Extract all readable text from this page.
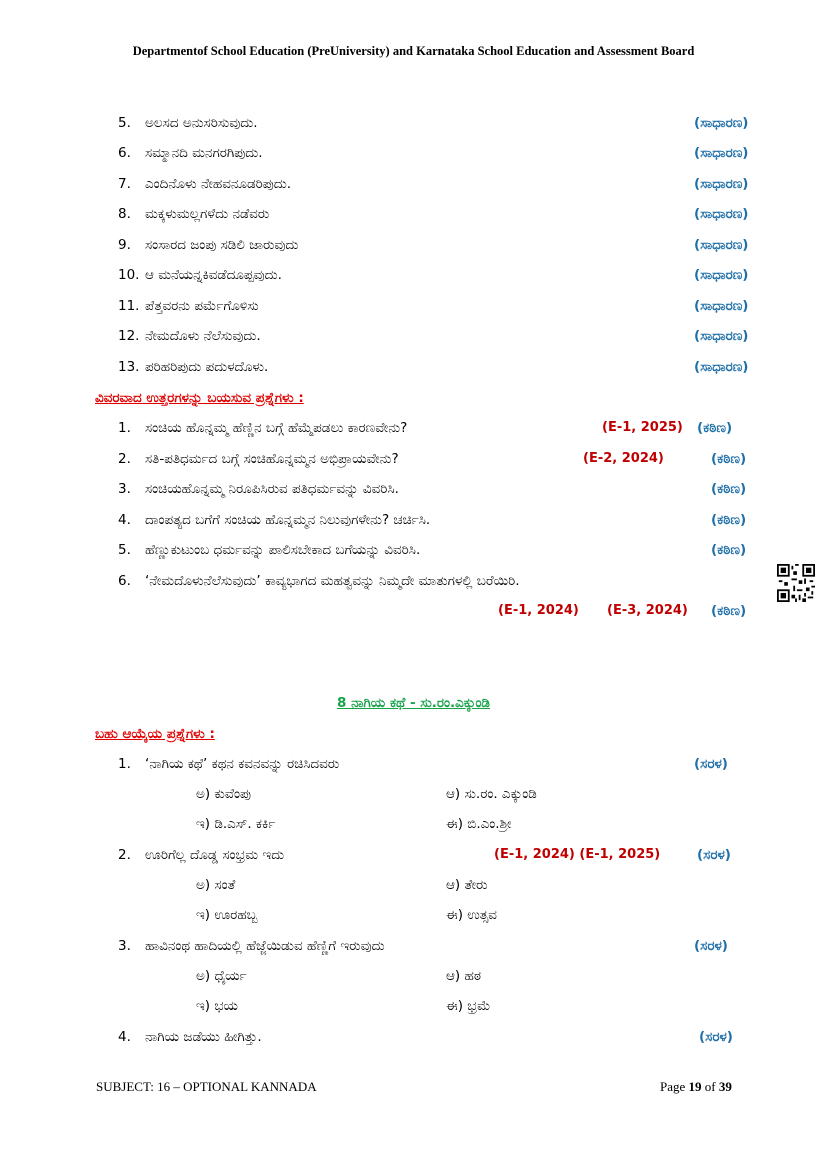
Departmentof School Education (PreUniversity) and Karnataka School Education and Assessment Board
5. ಅಲಸದ ಅನುಸರಿಸುವುದು.	(ಸಾಧಾರಣ)
6. ಸಮ್ಮಾನದಿ ಮನಗರಗಿಪುದು.	(ಸಾಧಾರಣ)
7. ಎಂದಿನೊಳು ನೇಹವನೂಡರಿಪುದು.	(ಸಾಧಾರಣ)
8. ಮಕ್ಕಳುಮಲ್ಲಗಳೆದು ನಡೆವರು	(ಸಾಧಾರಣ)
9. ಸಂಸಾರದ ಜಂಪು ಸಡಿಲಿ ಜಾರುವುದು	(ಸಾಧಾರಣ)
10. ಆ ಮನೆಯನ್ನಕಿವಡೆದೂಪ್ಪವುದು.	(ಸಾಧಾರಣ)
11. ಪೆತ್ತವರನು ಪರ್ಮೆಗೊಳಿಸು	(ಸಾಧಾರಣ)
12. ನೇಮದೊಳು ನೆಲೆಸುವುದು.	(ಸಾಧಾರಣ)
13. ಪರಿಹರಿಪುದು ಪದುಳದೊಳು.	(ಸಾಧಾರಣ)
ವಿವರವಾದ ಉತ್ತರಗಳನ್ನು ಬಯಸುವ ಪ್ರಶ್ನೆಗಳು :
1. ಸಂಚಿಯ ಹೊನ್ನಮ್ಮ ಹೆಣ್ಣಿನ ಬಗ್ಗೆ ಹೆಮ್ಮೆಪಡಲು ಕಾರಣವೇನು?	(E-1, 2025) (ಕಠಿಣ)
2. ಸತಿ-ಪತಿಧರ್ಮದ ಬಗ್ಗೆ ಸಂಚಿಹೊನ್ನಮ್ಮನ ಅಭಿಪ್ರಾಯವೇನು?	(E-2, 2024)	(ಕಠಿಣ)
3. ಸಂಚಿಯಹೊನ್ನಮ್ಮ ನಿರೂಪಿಸಿರುವ ಪತಿಧರ್ಮವನ್ನು ವಿವರಿಸಿ.	(ಕಠಿಣ)
4. ದಾಂಪತ್ಯದ ಬಗೆಗೆ ಸಂಚಿಯ ಹೊನ್ನಮ್ಮನ ನಿಲುವುಗಳೇನು? ಚರ್ಚಿಸಿ.	(ಕಠಿಣ)
5. ಹೆಣ್ಣುಕುಟುಂಬ ಧರ್ಮವನ್ನು ಪಾಲಿಸಬೇಕಾದ ಬಗೆಯನ್ನು ವಿವರಿಸಿ.	(ಕಠಿಣ)
6. ‘ನೇಮದೊಳುನೆಲೆಸುವುದು’ ಕಾವ್ಯಭಾಗದ ಮಹತ್ವವನ್ನು ನಿಮ್ಮದೇ ಮಾತುಗಳಲ್ಲಿ ಬರೆಯಿರಿ.
(E-1, 2024) (E-3, 2024) (ಕಠಿಣ)
8 ನಾಗಿಯ ಕಥೆ - ಸು.ರಂ.ಎಕ್ಕುಂಡಿ
ಬಹು ಆಯ್ಕೆಯ ಪ್ರಶ್ನೆಗಳು :
1. ‘ನಾಗಿಯ ಕಥೆ’ ಕಥನ ಕವನವನ್ನು ರಚಿಸಿದವರು	(ಸರಳ)
ಅ) ಕುವೆಂಪು	ಆ) ಸು.ರಂ. ಎಕ್ಕುಂಡಿ
ಇ) ಡಿ.ಎಸ್. ಕರ್ಕಿ	ಈ) ಬಿ.ಎಂ.ಶ್ರೀ
2. ಊರಿಗೆಲ್ಲ ದೊಡ್ಡ ಸಂಭ್ರಮ ಇದು	(E-1, 2024) (E-1, 2025)	(ಸರಳ)
ಅ) ಸಂತೆ	ಆ) ತೇರು
ಇ) ಊರಹಬ್ಬ	ಈ) ಉತ್ಸವ
3. ಹಾವಿನಂಥ ಹಾದಿಯಲ್ಲಿ ಹೆಜ್ಜೆಯಿಡುವ ಹೆಣ್ಣಿಗೆ ಇರುವುದು	(ಸರಳ)
ಅ) ಧೈರ್ಯ	ಆ) ಹಠ
ಇ) ಭಯ	ಈ) ಭ್ರಮೆ
4. ನಾಗಿಯ ಜಡೆಯು ಹೀಗಿತ್ತು.	(ಸರಳ)
SUBJECT: 16 – OPTIONAL KANNADA	Page 19 of 39
